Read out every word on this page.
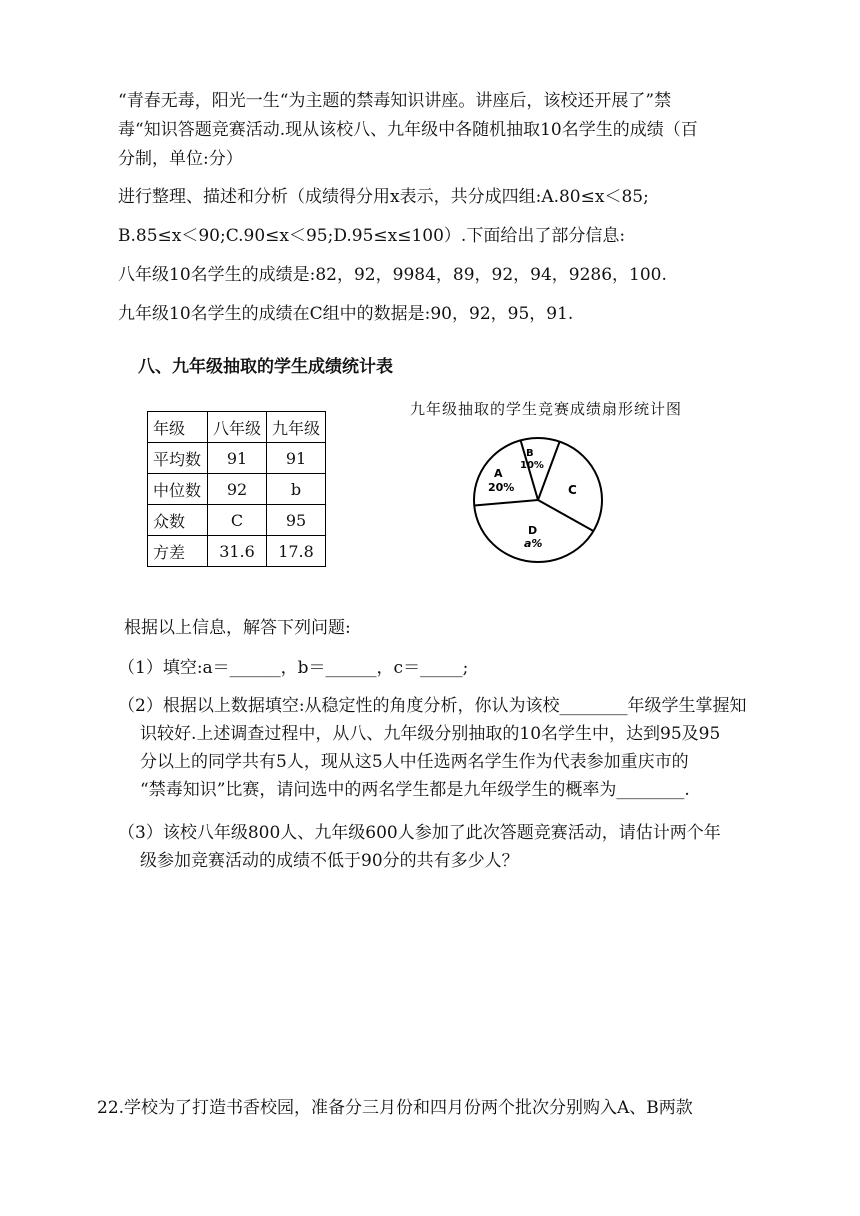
“青春无毒，阳光一生“为主题的禁毒知识讲座。讲座后，该校还开展了”禁
毒“知识答题竞赛活动.现从该校八、九年级中各随机抽取10名学生的成绩（百
分制，单位:分）
进行整理、描述和分析（成绩得分用x表示，共分成四组:A.80≤x＜85;
B.85≤x＜90;C.90≤x＜95;D.95≤x≤100）.下面给出了部分信息:
八年级10名学生的成绩是:82，92，9984，89，92，94，9286，100.
九年级10名学生的成绩在C组中的数据是:90，92，95，91.
八、九年级抽取的学生成绩统计表
年级	八年级	九年级
平均数	91	91
中位数	92	b
众数	C	95
方差	31.6	17.8
九年级抽取的学生竞赛成绩扇形统计图
B
10%
A
20%	C
D
a%
根据以上信息，解答下列问题:
（1）填空:a＝______，b＝______，c＝_____;
（2）根据以上数据填空:从稳定性的角度分析，你认为该校________年级学生掌握知
识较好.上述调查过程中，从八、九年级分别抽取的10名学生中，达到95及95
分以上的同学共有5人，现从这5人中任选两名学生作为代表参加重庆市的
“禁毒知识”比赛，请问选中的两名学生都是九年级学生的概率为________.
（3）该校八年级800人、九年级600人参加了此次答题竞赛活动，请估计两个年
级参加竞赛活动的成绩不低于90分的共有多少人？
22.学校为了打造书香校园，准备分三月份和四月份两个批次分别购入A、B两款
